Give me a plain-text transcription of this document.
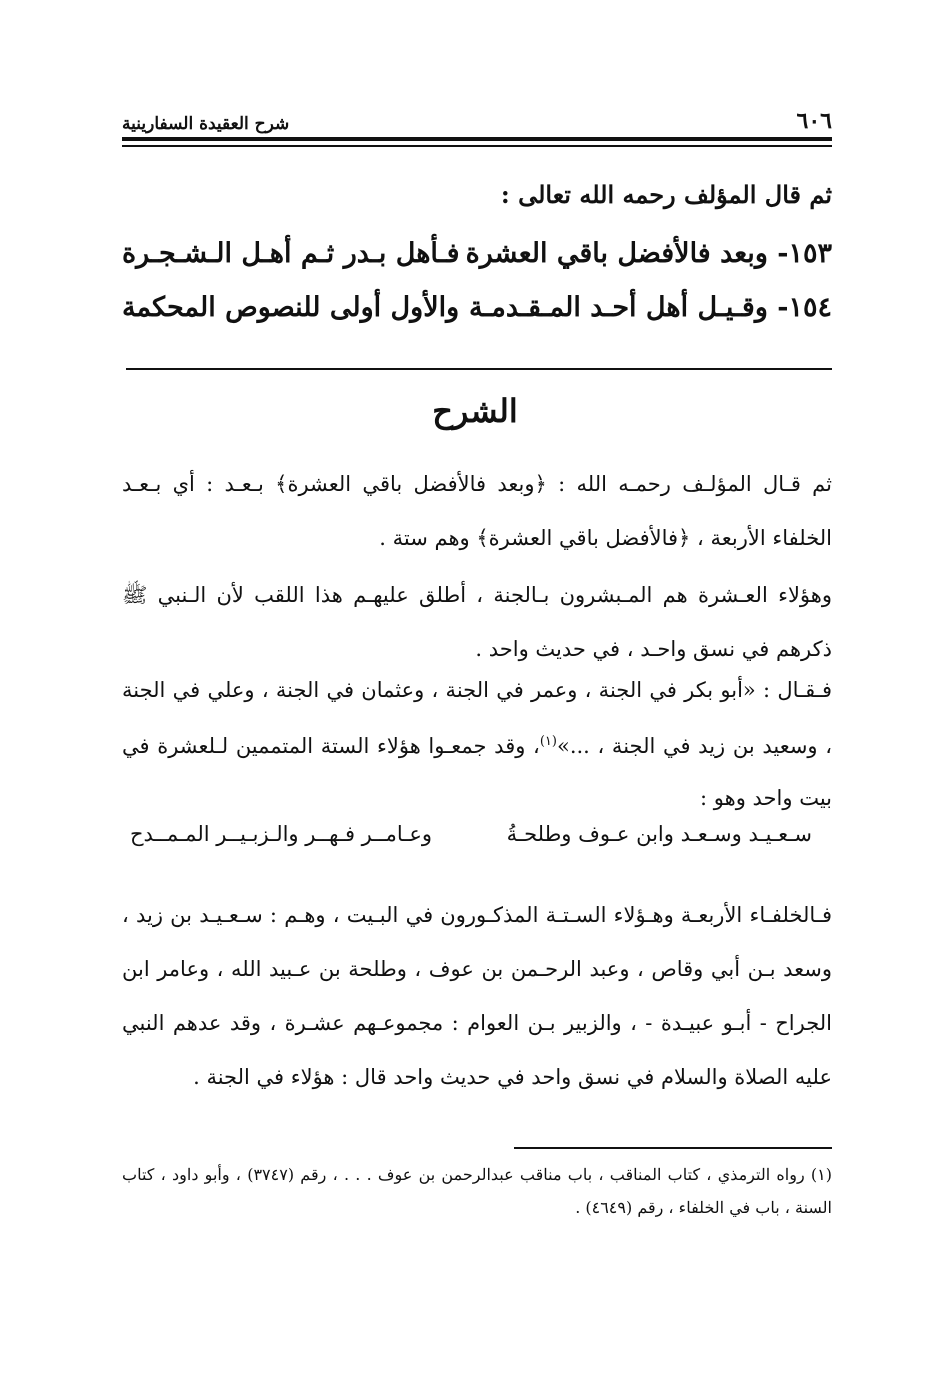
٦٠٦
شرح العقيدة السفارينية
ثم قال المؤلف رحمه الله تعالى :
١٥٣- وبعد فالأفضل باقي العشرة
فـأهل بـدر ثـم أهـل الـشـجـرة
١٥٤- وقـيـل أهل أحـد المـقـدمـة
والأول أولى للنصوص المحكمة
الشرح
ثم قـال المؤلـف رحمـه الله : ﴿وبعد فالأفضل باقي العشرة﴾ بـعـد : أي بـعـد الخلفاء الأربعة ، ﴿فالأفضل باقي العشرة﴾ وهم ستة .
وهؤلاء العـشرة هم المـبشرون بـالجنة ، أطلق عليهـم هذا اللقب لأن الـنبي ﷺ ذكرهم في نسق واحـد ، في حديث واحد .
فـقـال : «أبو بكر في الجنة ، وعمر في الجنة ، وعثمان في الجنة ، وعلي في الجنة ، وسعيد بن زيد في الجنة ، ...»$^{(١)}$، وقد جمعـوا هؤلاء الستة المتممين لـلعشرة في بيت واحد وهو :
سـعـيـد وسـعـد وابن عـوف وطلحـةُ
وعـامــر فـهــر والـزبـيــر المـمــدح
فـالخلفـاء الأربعـة وهـؤلاء السـتـة المذكـورون في البـيت ، وهـم : سـعـيـد بن زيد ، وسعد بـن أبي وقاص ، وعبد الرحـمن بن عوف ، وطلحة بن عـبيد الله ، وعامر ابن الجراح - أبـو عبيـدة - ، والزبير بـن العوام : مجموعـهم عشـرة ، وقد عدهم النبي عليه الصلاة والسلام في نسق واحد في حديث واحد قال : هؤلاء في الجنة .
(١) رواه الترمذي ، كتاب المناقب ، باب مناقب عبدالرحمن بن عوف . . . ، رقم (٣٧٤٧) ، وأبو داود ، كتاب السنة ، باب في الخلفاء ، رقم (٤٦٤٩) .
